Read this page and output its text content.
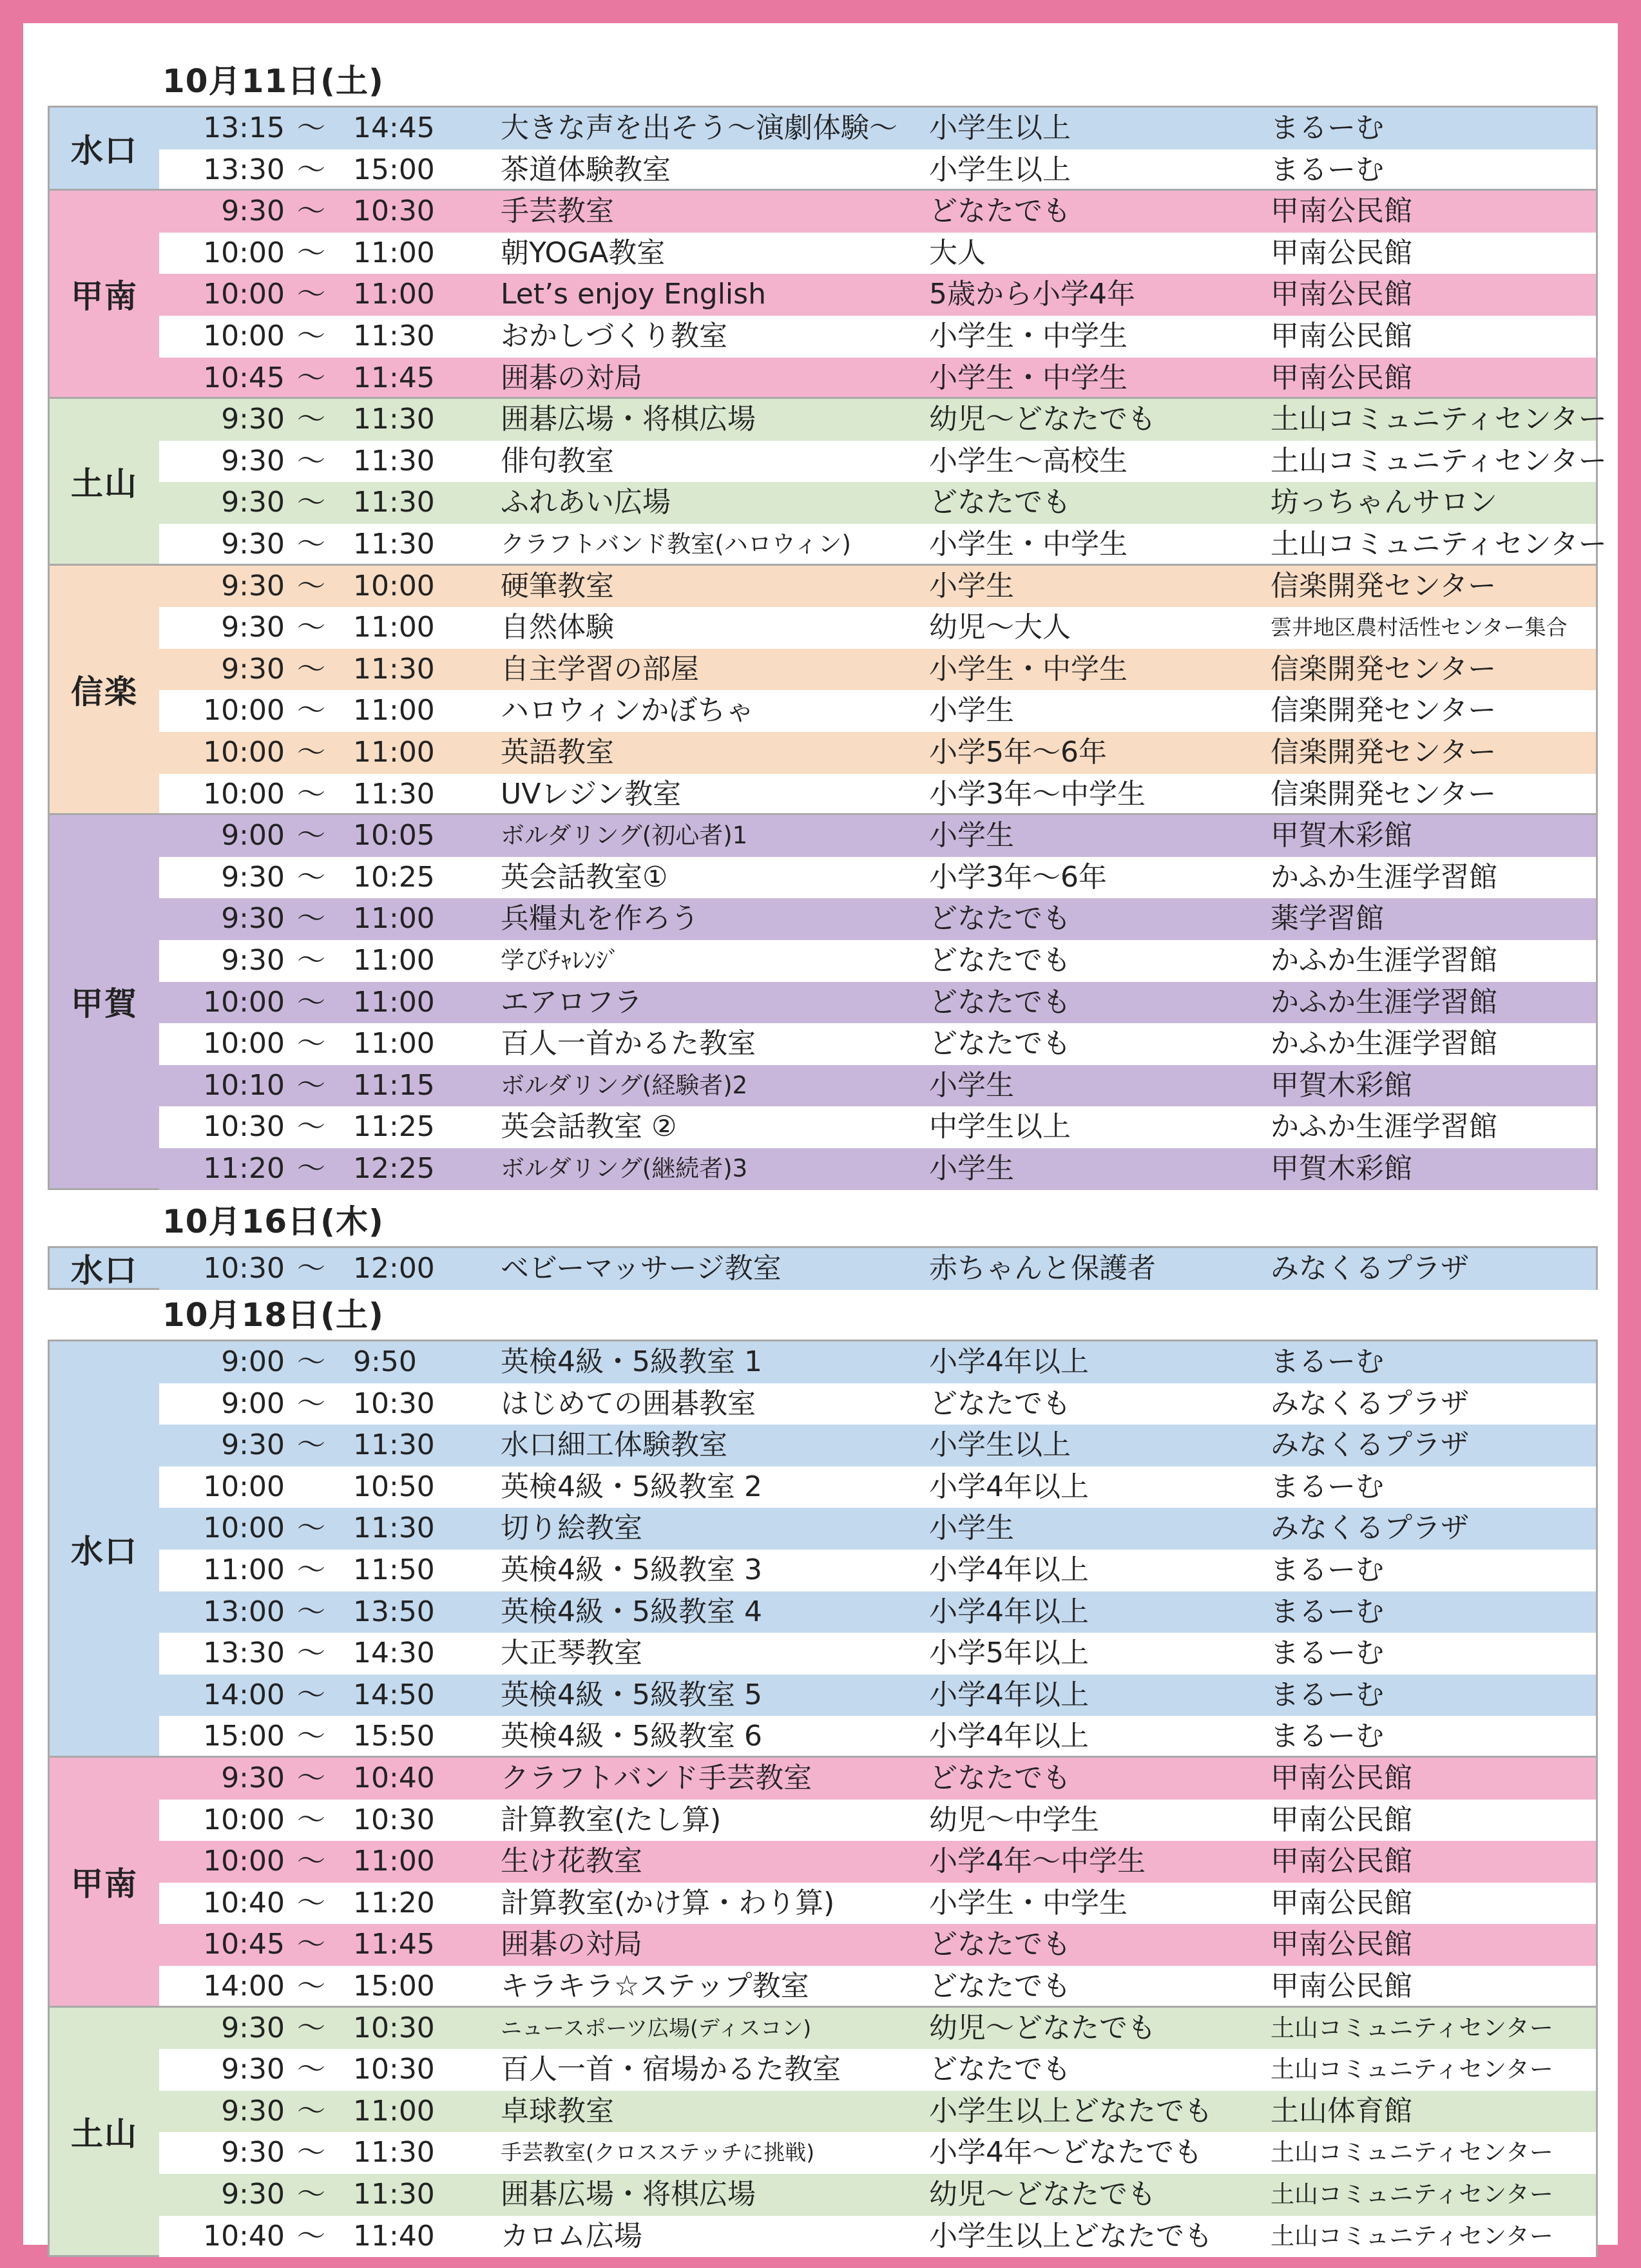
10月11日(土)
水口
13:15 〜 14:45 大きな声を出そう〜演劇体験〜 小学生以上	まるーむ
13:30 〜 15:00 茶道体験教室	小学生以上	まるーむ
甲南
9:30 〜 10:30 手芸教室	どなたでも	甲南公民館
10:00 〜 11:00 朝YOGA教室	大人	甲南公民館
10:00 〜 11:00 Let’s enjoy English	5歳から小学4年	甲南公民館
10:00 〜 11:30 おかしづくり教室	小学生・中学生	甲南公民館
10:45 〜 11:45 囲碁の対局	小学生・中学生	甲南公民館
土山
9:30 〜 11:30 囲碁広場・将棋広場	幼児〜どなたでも	土山コミュニティセンター
9:30 〜 11:30 俳句教室	小学生〜高校生	土山コミュニティセンター
9:30 〜 11:30 ふれあい広場	どなたでも	坊っちゃんサロン
9:30 〜 11:30	クラフトバンド教室(ハロウィン)	小学生・中学生	土山コミュニティセンター
信楽
9:30 〜 10:00 硬筆教室	小学生	信楽開発センター
9:30 〜 11:00 自然体験	幼児〜大人	雲井地区農村活性センター集合
9:30 〜 11:30 自主学習の部屋	小学生・中学生	信楽開発センター
10:00 〜 11:00 ハロウィンかぼちゃ	小学生	信楽開発センター
10:00 〜 11:00 英語教室	小学5年〜6年	信楽開発センター
10:00 〜 11:30 UVレジン教室	小学3年〜中学生	信楽開発センター
甲賀
9:00 〜 10:05	ボルダリング(初心者)1	小学生	甲賀木彩館
9:30 〜 10:25 英会話教室①	小学3年〜6年	かふか生涯学習館
9:30 〜 11:00 兵糧丸を作ろう	どなたでも	薬学習館
9:30 〜 11:00	学びﾁｬﾚﾝｼﾞ	どなたでも	かふか生涯学習館
10:00 〜 11:00 エアロフラ	どなたでも	かふか生涯学習館
10:00 〜 11:00 百人一首かるた教室	どなたでも	かふか生涯学習館
10:10 〜 11:15	ボルダリング(経験者)2	小学生	甲賀木彩館
10:30 〜 11:25 英会話教室 ②	中学生以上	かふか生涯学習館
11:20 〜 12:25	ボルダリング(継続者)3	小学生	甲賀木彩館
10月16日(木)
水口	10:30 〜 12:00 ベビーマッサージ教室	赤ちゃんと保護者	みなくるプラザ
10月18日(土)
水口
9:00 〜 9:50	英検4級・5級教室 1	小学4年以上	まるーむ
9:00 〜 10:30 はじめての囲碁教室	どなたでも	みなくるプラザ
9:30 〜 11:30 水口細工体験教室	小学生以上	みなくるプラザ
10:00 10:50 英検4級・5級教室 2	小学4年以上	まるーむ
10:00 〜 11:30 切り絵教室	小学生	みなくるプラザ
11:00 〜 11:50 英検4級・5級教室 3	小学4年以上	まるーむ
13:00 〜 13:50 英検4級・5級教室 4	小学4年以上	まるーむ
13:30 〜 14:30 大正琴教室	小学5年以上	まるーむ
14:00 〜 14:50 英検4級・5級教室 5	小学4年以上	まるーむ
15:00 〜 15:50 英検4級・5級教室 6	小学4年以上	まるーむ
甲南
9:30 〜 10:40 クラフトバンド手芸教室	どなたでも	甲南公民館
10:00 〜 10:30 計算教室(たし算)	幼児〜中学生	甲南公民館
10:00 〜 11:00 生け花教室	小学4年〜中学生	甲南公民館
10:40 〜 11:20 計算教室(かけ算・わり算)	小学生・中学生	甲南公民館
10:45 〜 11:45 囲碁の対局	どなたでも	甲南公民館
14:00 〜 15:00 キラキラ☆ステップ教室	どなたでも	甲南公民館
土山
9:30 〜 10:30	ニュースポーツ広場(ディスコン)	幼児〜どなたでも	土山コミュニティセンター
9:30 〜 10:30 百人一首・宿場かるた教室	どなたでも	土山コミュニティセンター
9:30 〜 11:00 卓球教室	小学生以上どなたでも 土山体育館
9:30 〜 11:30	手芸教室(クロスステッチに挑戦)	小学4年〜どなたでも	土山コミュニティセンター
9:30 〜 11:30 囲碁広場・将棋広場	幼児〜どなたでも	土山コミュニティセンター
10:40 〜 11:40 カロム広場	小学生以上どなたでも 土山コミュニティセンター
